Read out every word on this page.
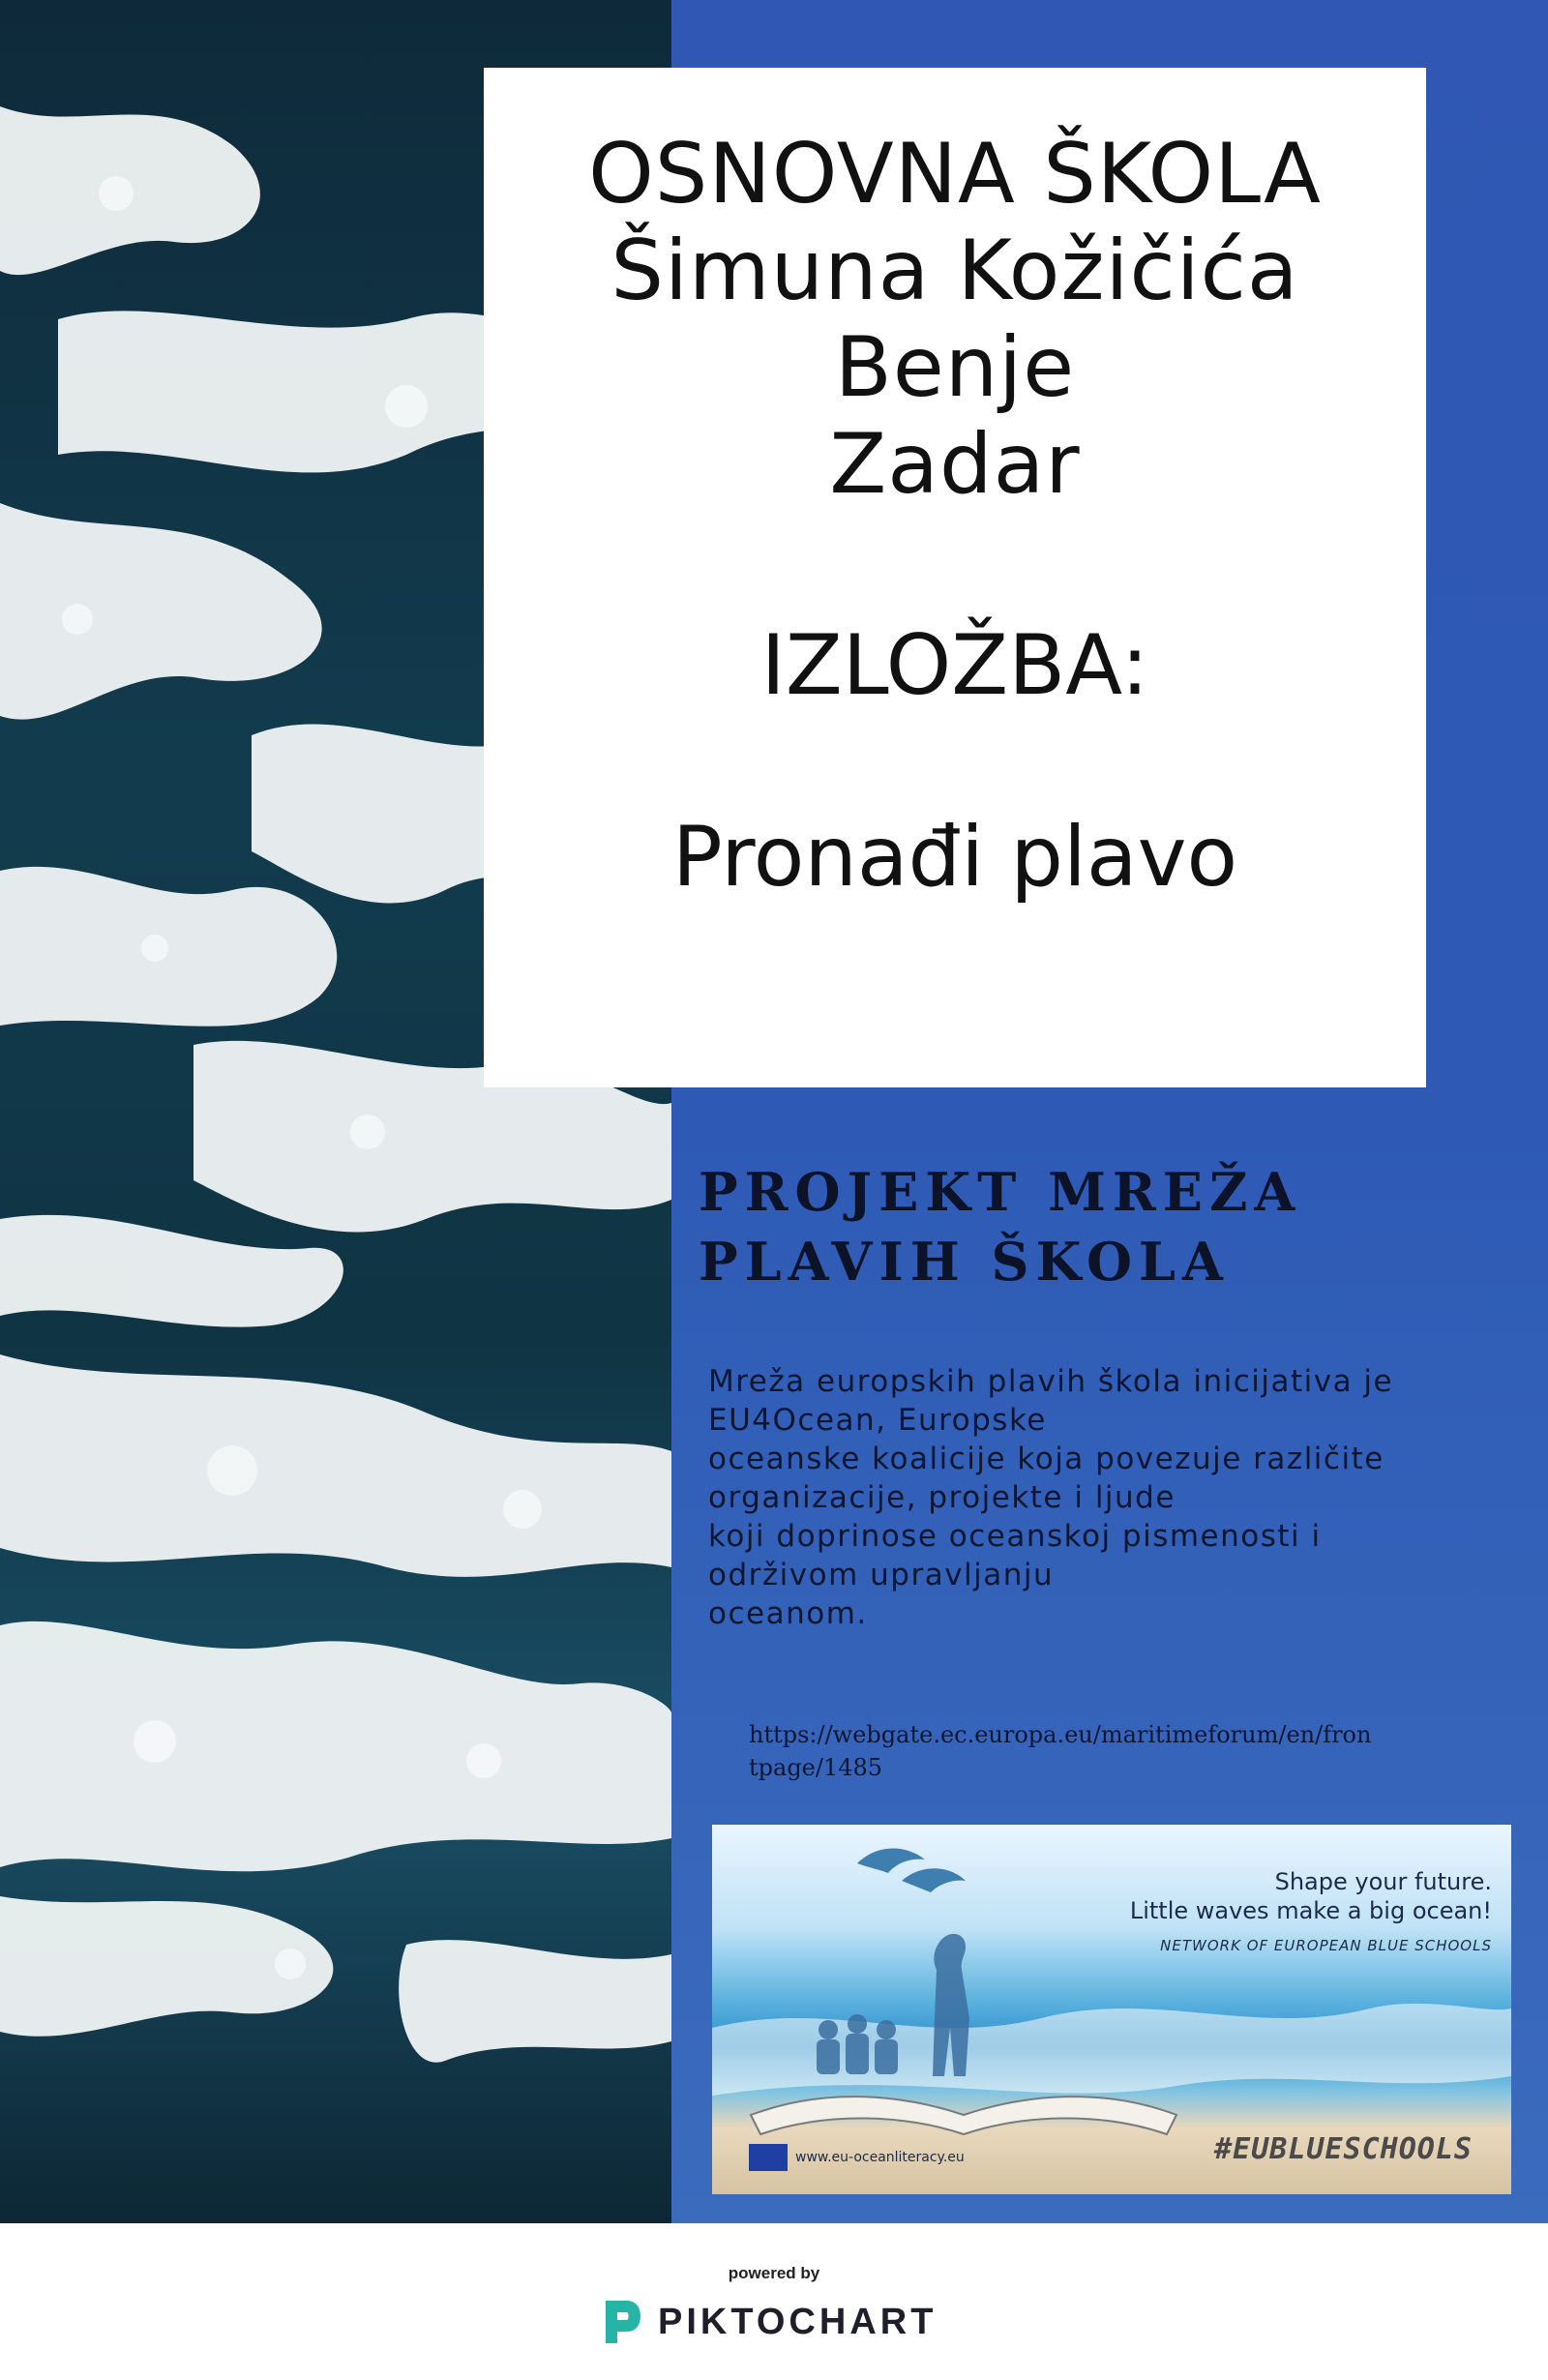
OSNOVNA ŠKOLA
Šimuna Kožičića
Benje
Zadar
IZLOŽBA:
Pronađi plavo
PROJEKT MREŽA
PLAVIH ŠKOLA
Mreža europskih plavih škola inicijativa je
EU4Ocean, Europske
oceanske koalicije koja povezuje različite
organizacije, projekte i ljude
koji doprinose oceanskoj pismenosti i
održivom upravljanju
oceanom.
https://webgate.ec.europa.eu/maritimeforum/en/fron
tpage/1485
Shape your future.
Little waves make a big ocean!
NETWORK OF EUROPEAN BLUE SCHOOLS
www.eu-oceanliteracy.eu	#EUBLUESCHOOLS
powered by
PIKTOCHART
